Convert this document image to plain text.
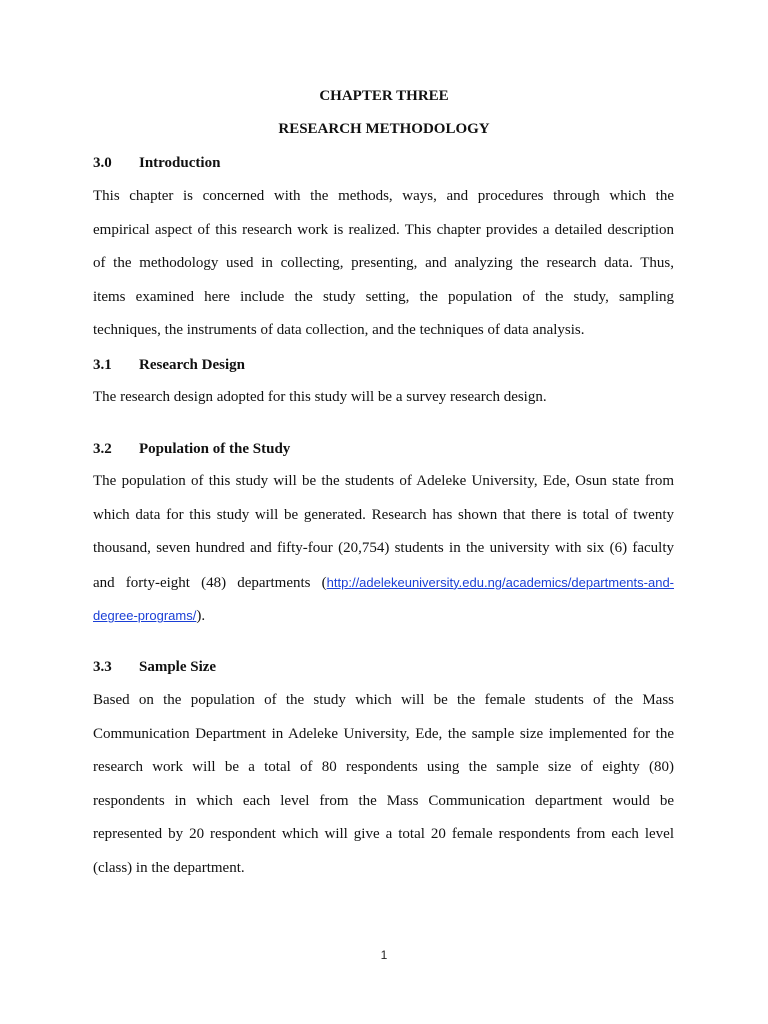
CHAPTER THREE
RESEARCH METHODOLOGY
3.0 Introduction
This chapter is concerned with the methods, ways, and procedures through which the
empirical aspect of this research work is realized. This chapter provides a detailed description
of the methodology used in collecting, presenting, and analyzing the research data. Thus,
items examined here include the study setting, the population of the study, sampling
techniques, the instruments of data collection, and the techniques of data analysis.
3.1 Research Design
The research design adopted for this study will be a survey research design.
3.2 Population of the Study
The population of this study will be the students of Adeleke University, Ede, Osun state from
which data for this study will be generated. Research has shown that there is total of twenty
thousand, seven hundred and fifty-four (20,754) students in the university with six (6) faculty
and forty-eight (48) departments (http://adelekeuniversity.edu.ng/academics/departments-and-
degree-programs/).
3.3 Sample Size
Based on the population of the study which will be the female students of the Mass
Communication Department in Adeleke University, Ede, the sample size implemented for the
research work will be a total of 80 respondents using the sample size of eighty (80)
respondents in which each level from the Mass Communication department would be
represented by 20 respondent which will give a total 20 female respondents from each level
(class) in the department.
1
